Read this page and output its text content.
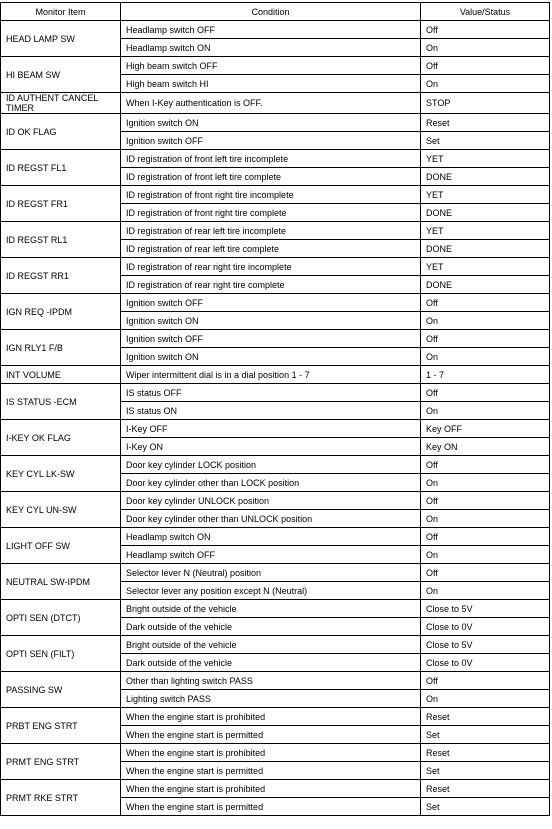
Monitor Item	Condition	Value/Status
HEAD LAMP SW	Headlamp switch OFF	Off
	Headlamp switch ON	On
HI BEAM SW	High beam switch OFF	Off
	High beam switch HI	On
ID AUTHENT CANCEL TIMER	When I-Key authentication is OFF.	STOP
ID OK FLAG	Ignition switch ON	Reset
	Ignition switch OFF	Set
ID REGST FL1	ID registration of front left tire incomplete	YET
	ID registration of front left tire complete	DONE
ID REGST FR1	ID registration of front right tire incomplete	YET
	ID registration of front right tire complete	DONE
ID REGST RL1	ID registration of rear left tire incomplete	YET
	ID registration of rear left tire complete	DONE
ID REGST RR1	ID registration of rear right tire incomplete	YET
	ID registration of rear right tire complete	DONE
IGN REQ -IPDM	Ignition switch OFF	Off
	Ignition switch ON	On
IGN RLY1 F/B	Ignition switch OFF	Off
	Ignition switch ON	On
INT VOLUME	Wiper intermittent dial is in a dial position 1 - 7	1 - 7
IS STATUS -ECM	IS status OFF	Off
	IS status ON	On
I-KEY OK FLAG	I-Key OFF	Key OFF
	I-Key ON	Key ON
KEY CYL LK-SW	Door key cylinder LOCK position	Off
	Door key cylinder other than LOCK position	On
KEY CYL UN-SW	Door key cylinder UNLOCK position	Off
	Door key cylinder other than UNLOCK position	On
LIGHT OFF SW	Headlamp switch ON	Off
	Headlamp switch OFF	On
NEUTRAL SW-IPDM	Selector lever N (Neutral) position	Off
	Selector lever any position except N (Neutral)	On
OPTI SEN (DTCT)	Bright outside of the vehicle	Close to 5V
	Dark outside of the vehicle	Close to 0V
OPTI SEN (FILT)	Bright outside of the vehicle	Close to 5V
	Dark outside of the vehicle	Close to 0V
PASSING SW	Other than lighting switch PASS	Off
	Lighting switch PASS	On
PRBT ENG STRT	When the engine start is prohibited	Reset
	When the engine start is permitted	Set
PRMT ENG STRT	When the engine start is prohibited	Reset
	When the engine start is permitted	Set
PRMT RKE STRT	When the engine start is prohibited	Reset
	When the engine start is permitted	Set
